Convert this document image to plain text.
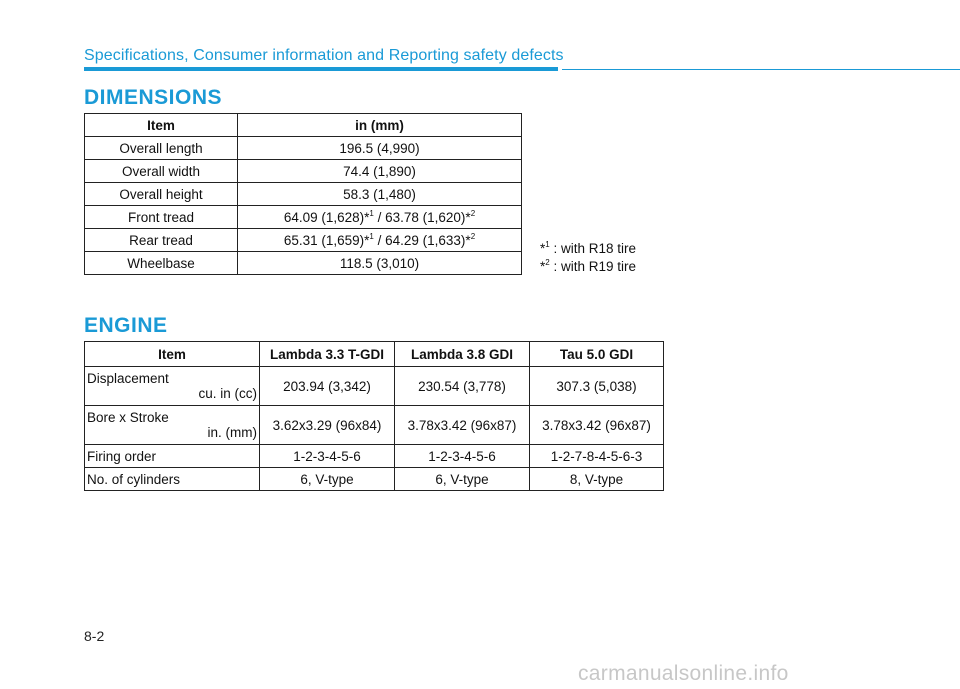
Specifications, Consumer information and Reporting safety defects
DIMENSIONS
Item	in (mm)
Overall length	196.5 (4,990)
Overall width	74.4 (1,890)
Overall height	58.3 (1,480)
Front tread	64.09 (1,628)*$^1$ / 63.78 (1,620)*$^2$
Rear tread	65.31 (1,659)*$^1$ / 64.29 (1,633)*$^2$
Wheelbase	118.5 (3,010)
*$^1$ : with R18 tire
*$^2$ : with R19 tire
ENGINE
Item	Lambda 3.3 T-GDI	Lambda 3.8 GDI	Tau 5.0 GDI
Displacement
cu. in (cc)	203.94 (3,342)	230.54 (3,778)	307.3 (5,038)
Bore x Stroke
in. (mm)	3.62x3.29 (96x84)	3.78x3.42 (96x87)	3.78x3.42 (96x87)
Firing order	1-2-3-4-5-6	1-2-3-4-5-6	1-2-7-8-4-5-6-3
No. of cylinders	6, V-type	6, V-type	8, V-type
8-2
carmanualsonline.info
